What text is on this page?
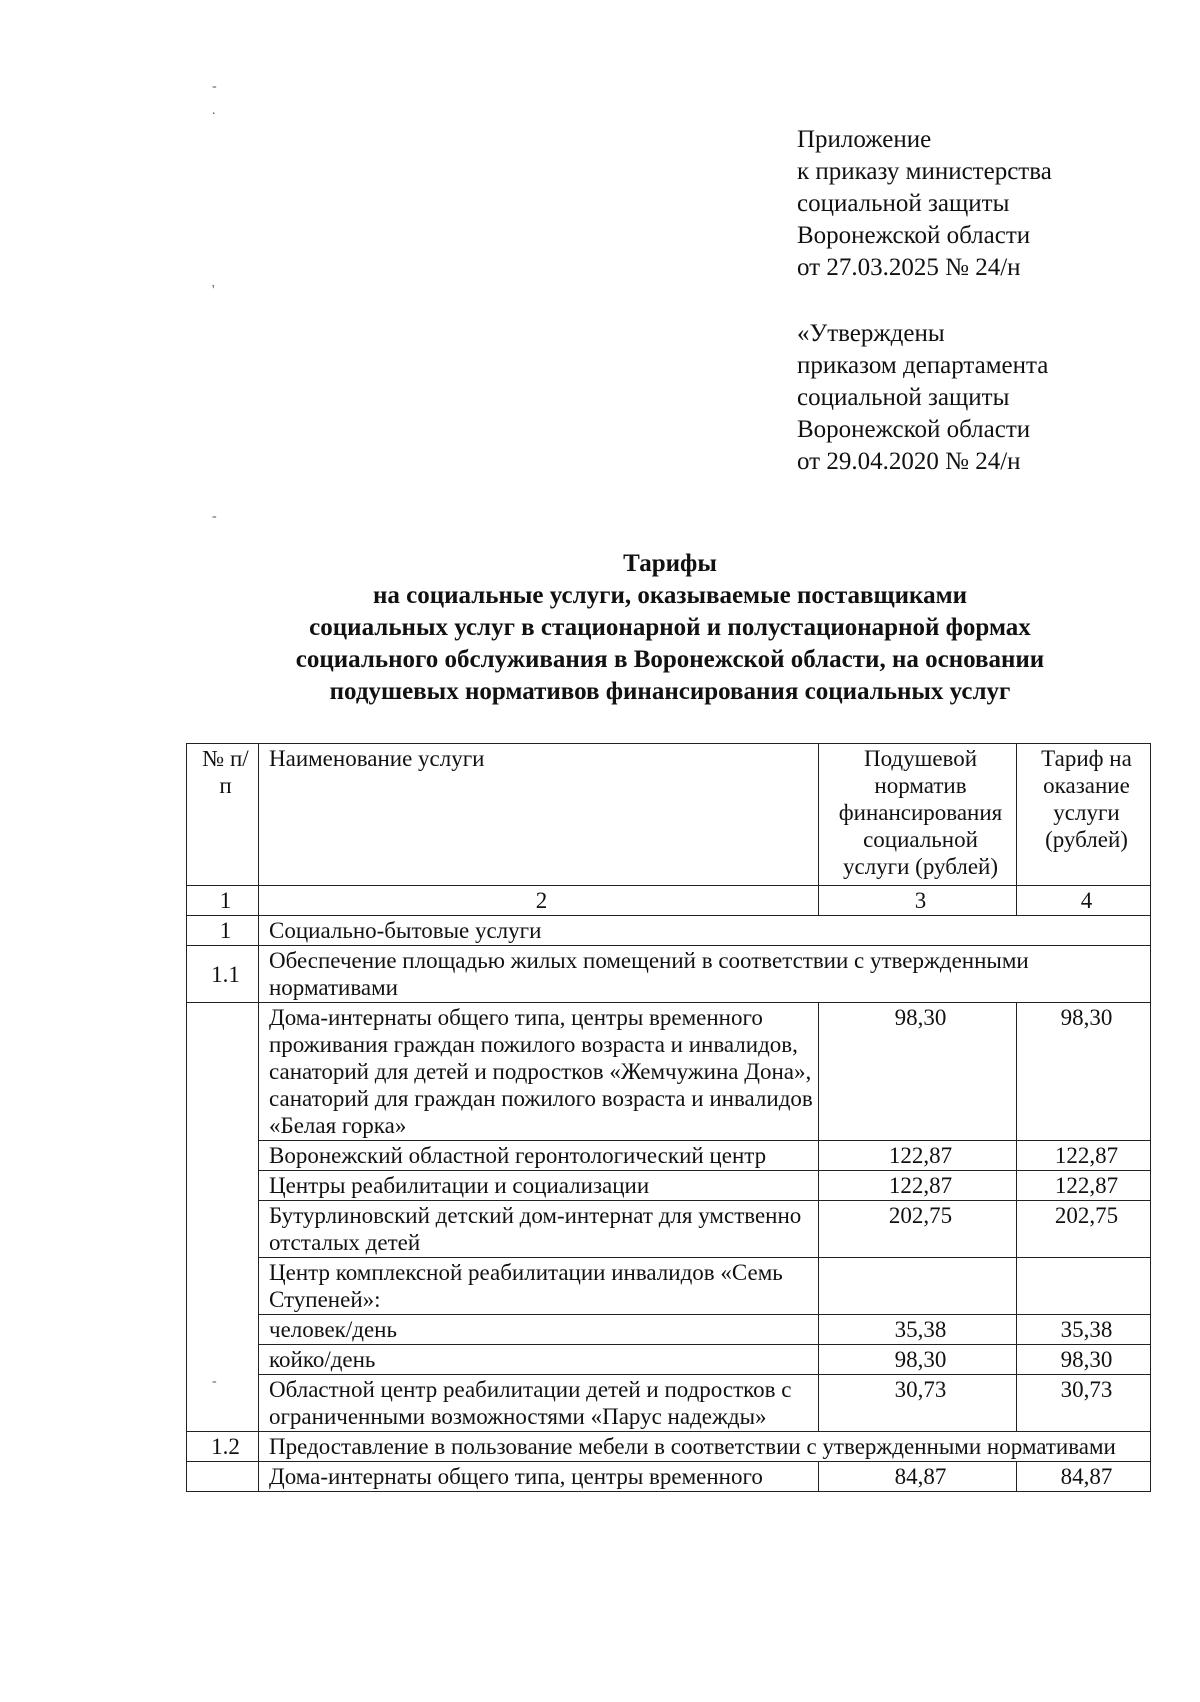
-
.
'
-
-
Приложение
к приказу министерства
социальной защиты
Воронежской области
от 27.03.2025 № 24/н
«Утверждены
приказом департамента
социальной защиты
Воронежской области
от 29.04.2020 № 24/н
Тарифы
на социальные услуги, оказываемые поставщиками
социальных услуг в стационарной и полустационарной формах
социального обслуживания в Воронежской области, на основании
подушевых нормативов финансирования социальных услуг
№ п/п	Наименование услуги	Подушевой норматив финансирования социальной услуги (рублей)	Тариф на оказание услуги (рублей)
1	2	3	4
1	Социально-бытовые услуги		
1.1	Обеспечение площадью жилых помещений в соответствии с утвержденными нормативами		
	Дома-интернаты общего типа, центры временного проживания граждан пожилого возраста и инвалидов, санаторий для детей и подростков «Жемчужина Дона», санаторий для граждан пожилого возраста и инвалидов «Белая горка»	98,30	98,30
	Воронежский областной геронтологический центр	122,87	122,87
	Центры реабилитации и социализации	122,87	122,87
	Бутурлиновский детский дом-интернат для умственно отсталых детей	202,75	202,75
	Центр комплексной реабилитации инвалидов «Семь Ступеней»:		
	человек/день	35,38	35,38
	койко/день	98,30	98,30
	Областной центр реабилитации детей и подростков с ограниченными возможностями «Парус надежды»	30,73	30,73
1.2	Предоставление в пользование мебели в соответствии с утвержденными нормативами		
	Дома-интернаты общего типа, центры временного	84,87	84,87
